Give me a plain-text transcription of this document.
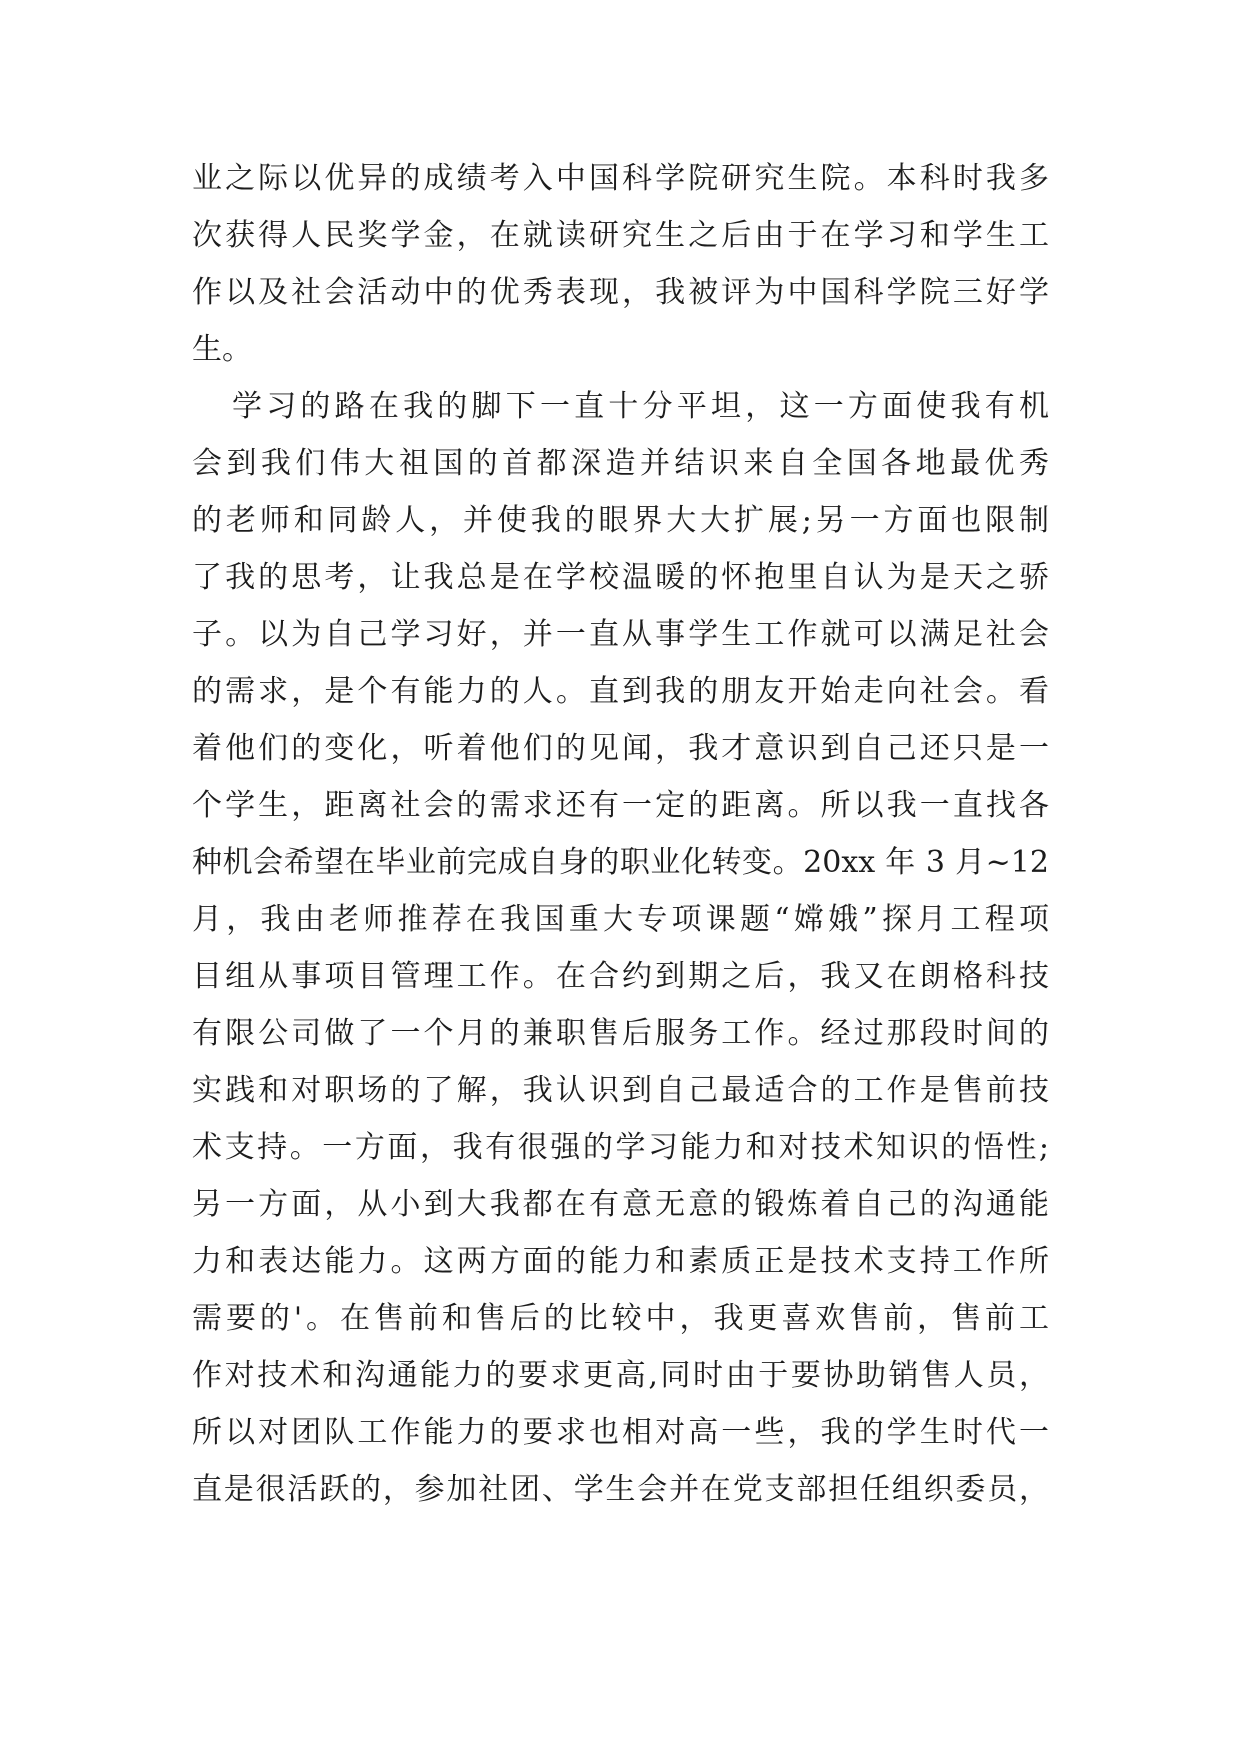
业之际以优异的成绩考入中国科学院研究生院。本科时我多
次获得人民奖学金，在就读研究生之后由于在学习和学生工
作以及社会活动中的优秀表现，我被评为中国科学院三好学
生。
学习的路在我的脚下一直十分平坦，这一方面使我有机
会到我们伟大祖国的首都深造并结识来自全国各地最优秀
的老师和同龄人，并使我的眼界大大扩展;另一方面也限制
了我的思考，让我总是在学校温暖的怀抱里自认为是天之骄
子。以为自己学习好，并一直从事学生工作就可以满足社会
的需求，是个有能力的人。直到我的朋友开始走向社会。看
着他们的变化，听着他们的见闻，我才意识到自己还只是一
个学生，距离社会的需求还有一定的距离。所以我一直找各
种机会希望在毕业前完成自身的职业化转变。20xx 年 3 月~12
月，我由老师推荐在我国重大专项课题“嫦娥”探月工程项
目组从事项目管理工作。在合约到期之后，我又在朗格科技
有限公司做了一个月的兼职售后服务工作。经过那段时间的
实践和对职场的了解，我认识到自己最适合的工作是售前技
术支持。一方面，我有很强的学习能力和对技术知识的悟性;
另一方面，从小到大我都在有意无意的锻炼着自己的沟通能
力和表达能力。这两方面的能力和素质正是技术支持工作所
需要的'。在售前和售后的比较中，我更喜欢售前，售前工
作对技术和沟通能力的要求更高,同时由于要协助销售人员，
所以对团队工作能力的要求也相对高一些，我的学生时代一
直是很活跃的，参加社团、学生会并在党支部担任组织委员，
